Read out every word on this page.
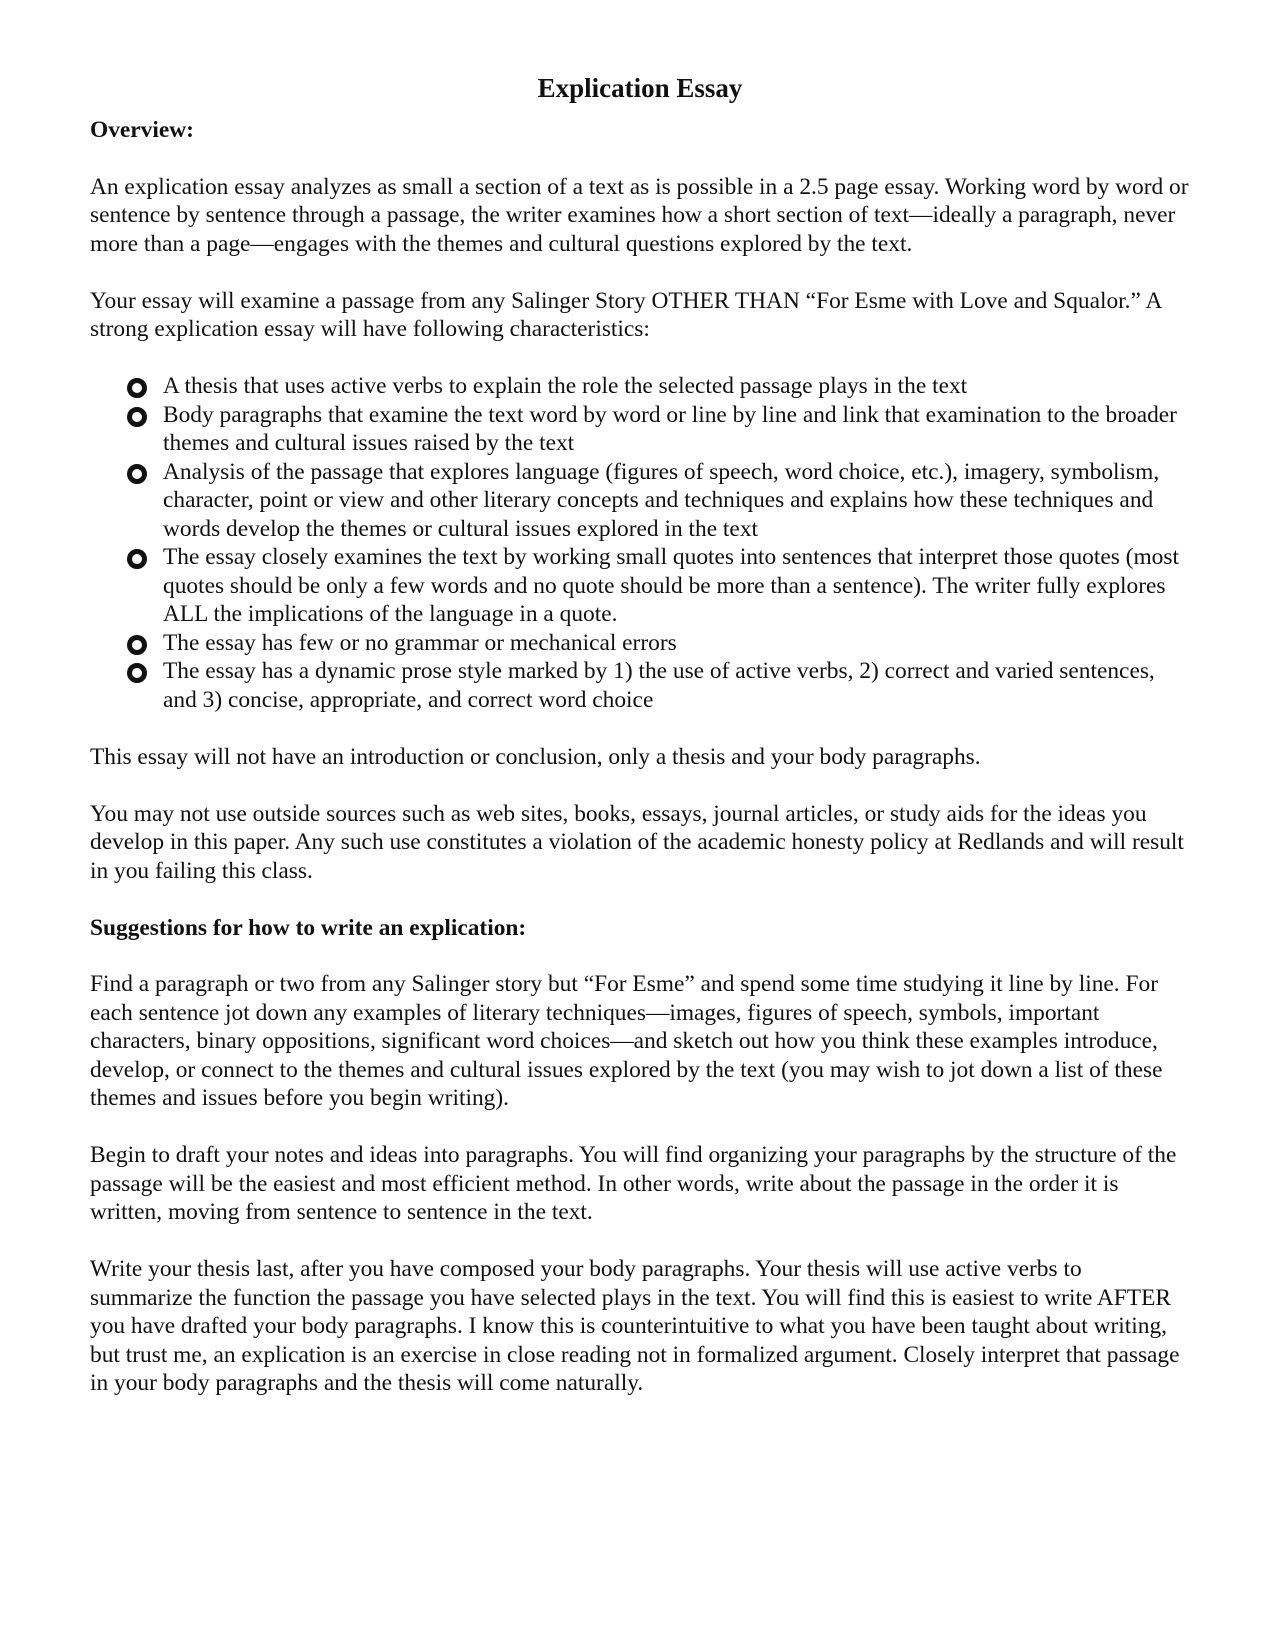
Explication Essay
Overview:

An explication essay analyzes as small a section of a text as is possible in a 2.5 page essay. Working word by word or sentence by sentence through a passage, the writer examines how a short section of text—ideally a paragraph, never more than a page—engages with the themes and cultural questions explored by the text.

Your essay will examine a passage from any Salinger Story OTHER THAN “For Esme with Love and Squalor.” A strong explication essay will have following characteristics:

A thesis that uses active verbs to explain the role the selected passage plays in the text
Body paragraphs that examine the text word by word or line by line and link that examination to the broader themes and cultural issues raised by the text
Analysis of the passage that explores language (figures of speech, word choice, etc.), imagery, symbolism, character, point or view and other literary concepts and techniques and explains how these techniques and words develop the themes or cultural issues explored in the text
The essay closely examines the text by working small quotes into sentences that interpret those quotes (most quotes should be only a few words and no quote should be more than a sentence). The writer fully explores ALL the implications of the language in a quote.
The essay has few or no grammar or mechanical errors
The essay has a dynamic prose style marked by 1) the use of active verbs, 2) correct and varied sentences, and 3) concise, appropriate, and correct word choice

This essay will not have an introduction or conclusion, only a thesis and your body paragraphs.

You may not use outside sources such as web sites, books, essays, journal articles, or study aids for the ideas you develop in this paper. Any such use constitutes a violation of the academic honesty policy at Redlands and will result in you failing this class.

Suggestions for how to write an explication:

Find a paragraph or two from any Salinger story but “For Esme” and spend some time studying it line by line. For each sentence jot down any examples of literary techniques—images, figures of speech, symbols, important characters, binary oppositions, significant word choices—and sketch out how you think these examples introduce, develop, or connect to the themes and cultural issues explored by the text (you may wish to jot down a list of these themes and issues before you begin writing).

Begin to draft your notes and ideas into paragraphs. You will find organizing your paragraphs by the structure of the passage will be the easiest and most efficient method. In other words, write about the passage in the order it is written, moving from sentence to sentence in the text.

Write your thesis last, after you have composed your body paragraphs. Your thesis will use active verbs to summarize the function the passage you have selected plays in the text. You will find this is easiest to write AFTER you have drafted your body paragraphs. I know this is counterintuitive to what you have been taught about writing, but trust me, an explication is an exercise in close reading not in formalized argument. Closely interpret that passage in your body paragraphs and the thesis will come naturally.
